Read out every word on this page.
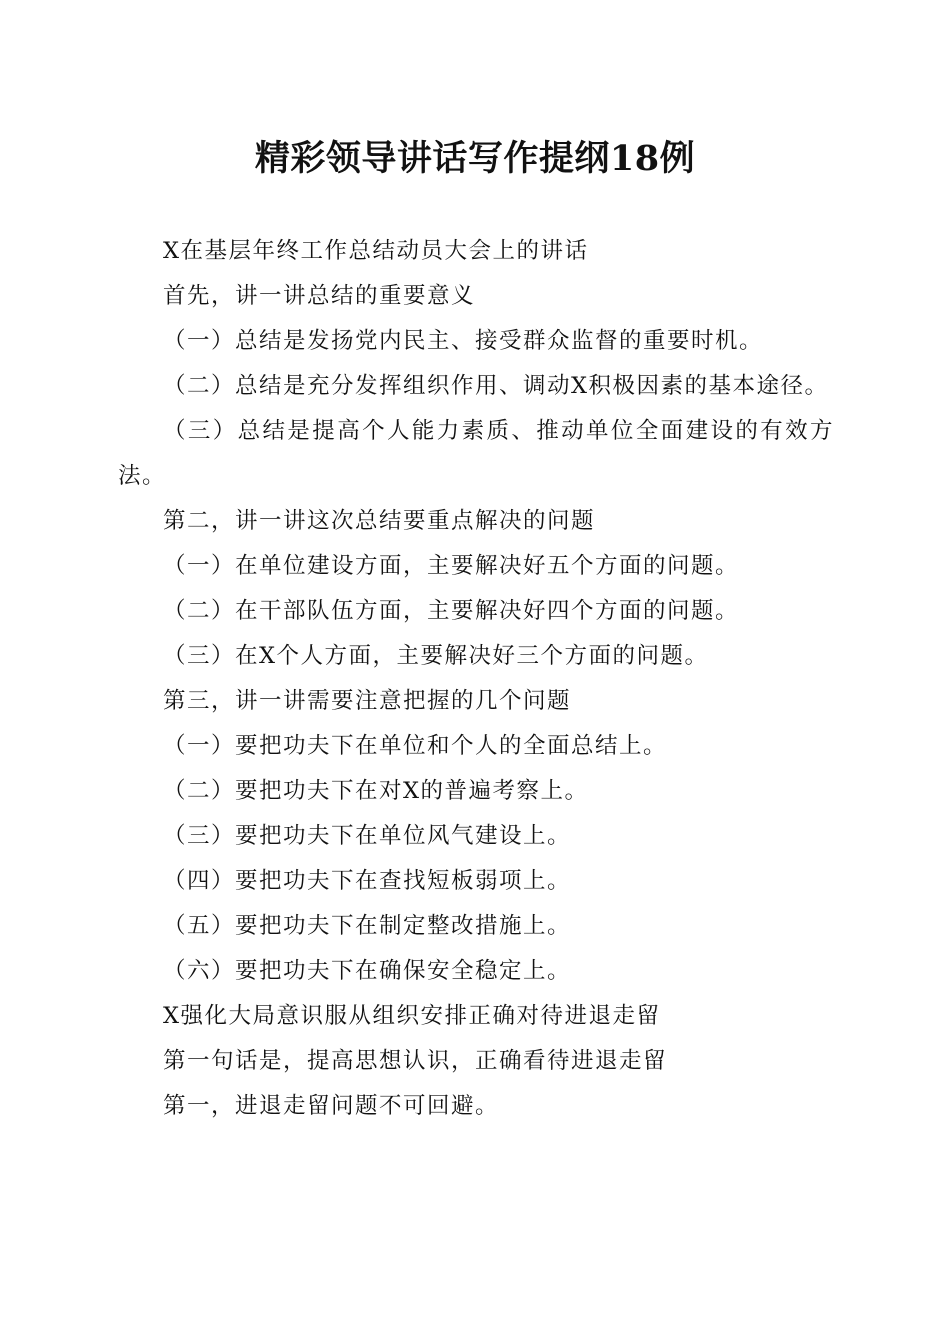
精彩领导讲话写作提纲18例

X在基层年终工作总结动员大会上的讲话

首先，讲一讲总结的重要意义

（一）总结是发扬党内民主、接受群众监督的重要时机。

（二）总结是充分发挥组织作用、调动X积极因素的基本途径。

（三）总结是提高个人能力素质、推动单位全面建设的有效方法。

第二，讲一讲这次总结要重点解决的问题

（一）在单位建设方面，主要解决好五个方面的问题。

（二）在干部队伍方面，主要解决好四个方面的问题。

（三）在X个人方面，主要解决好三个方面的问题。

第三，讲一讲需要注意把握的几个问题

（一）要把功夫下在单位和个人的全面总结上。

（二）要把功夫下在对X的普遍考察上。

（三）要把功夫下在单位风气建设上。

（四）要把功夫下在查找短板弱项上。

（五）要把功夫下在制定整改措施上。

（六）要把功夫下在确保安全稳定上。

X强化大局意识服从组织安排正确对待进退走留

第一句话是，提高思想认识，正确看待进退走留

第一，进退走留问题不可回避。
